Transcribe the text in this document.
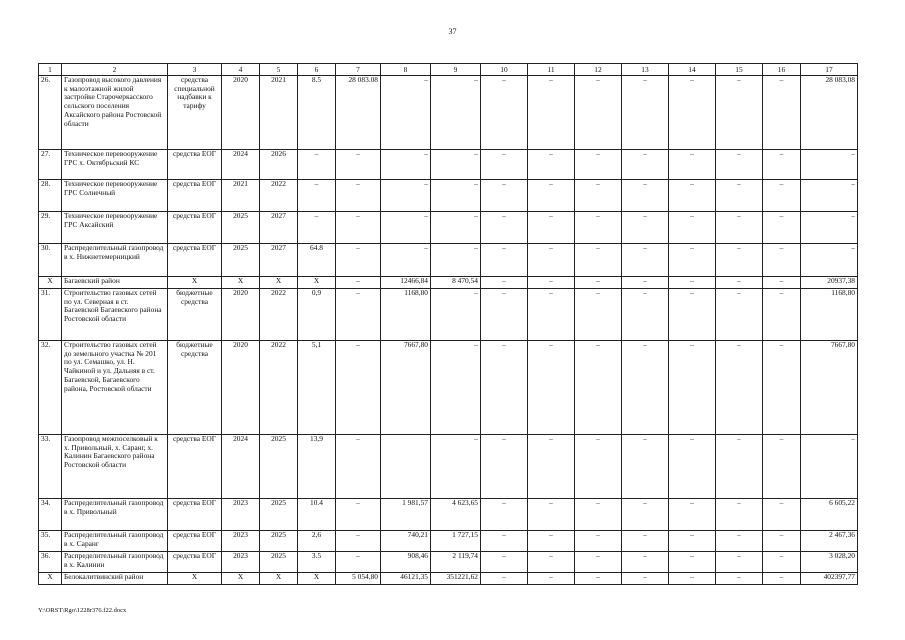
37
1	2	3	4	5	6	7	8	9	10	11	12	13	14	15	16	17
26.	Газопровод высокого давления к малоэтажной жилой застройке Старочеркасского сельского поселения Аксайского района Ростовской области	средства специальной надбавки к тарифу	2020	2021	8.5	28 083.08	–	–	–	–	–	–	–	–	–	28 083,08
27.	Техническое перевооружение ГРС х. Октябрьский КС	средства ЕОГ	2024	2026	–	–	–	–	–	–	–	–	–	–	–	–
28.	Техническое перевооружение ГРС Солнечный	средства ЕОГ	2021	2022	–	–	–	–	–	–	–	–	–	–	–	–
29.	Техническое перевооружение ГРС Аксайский	средства ЕОГ	2025	2027	–	–	–	–	–	–	–	–	–	–	–	–
30.	Распределительный газопровод в х. Нижнетемерницкий	средства ЕОГ	2025	2027	64.8	–	–	–	–	–	–	–	–	–	–	–
Х	Багаевский район	Х	Х	Х	Х	–	12466,84	8 470,54	–	–	–	–	–	–	–	20937,38
31.	Строительство газовых сетей по ул. Северная в ст. Багаевской Багаевского района Ростовской области	бюджетные средства	2020	2022	0,9	–	1168,80	–	–	–	–	–	–	–	–	1168,80
32.	Строительство газовых сетей до земельного участка № 201 по ул. Семашко, ул. Н. Чайкиной и ул. Дальняя в ст. Багаевской, Багаевского района, Ростовской области	бюджетные средства	2020	2022	5,1	–	7667,80	–	–	–	–	–	–	–	–	7667,80
33.	Газопровод межпоселковый к х. Привольный, х. Саранг, х. Калинин Багаевского района Ростовской области	средства ЕОГ	2024	2025	13,9	–		–	–	–	–	–	–	–	–	–
34.	Распределительный газопровод в х. Привольный	средства ЕОГ	2023	2025	10.4	–	1 981,57	4 623,65	–	–	–	–	–	–	–	6 605,22
35.	Распределительный газопровод в х. Саранг	средства ЕОГ	2023	2025	2,6	–	740,21	1 727,15	–	–	–	–	–	–	–	2 467,36
36.	Распределительный газопровод в х. Калинин	средства ЕОГ	2023	2025	3.5	–	908,46	2 119,74	–	–	–	–	–	–	–	3 028,20
Х	Белокалитвинский район	Х	Х	Х	Х	5 054,80	46121,35	351221,62	–	–	–	–	–	–	–	402397,77
Y:\ORST\Rgo\1228r376.f22.docx
